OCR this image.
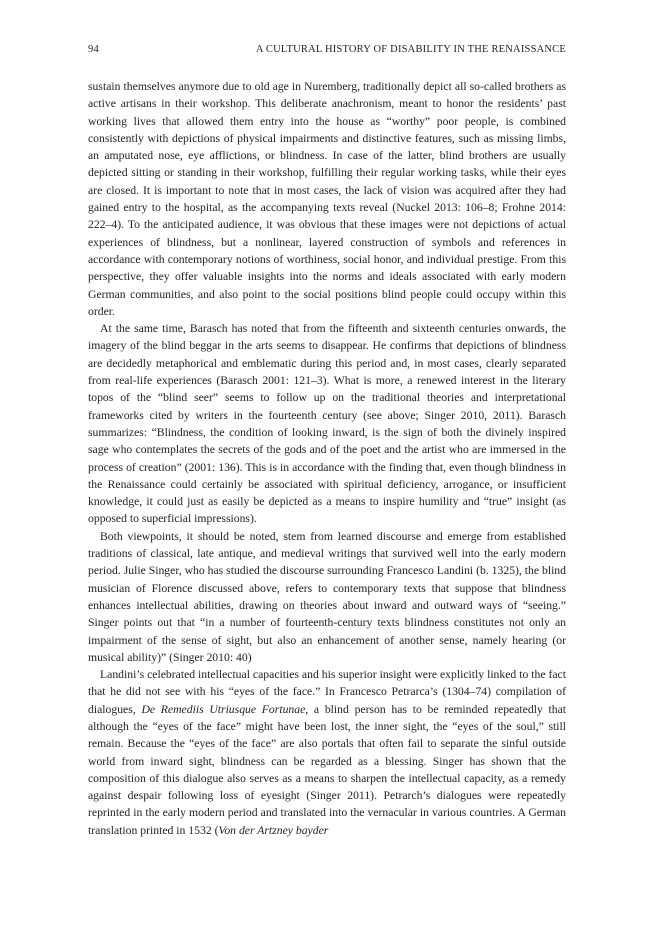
94	A CULTURAL HISTORY OF DISABILITY IN THE RENAISSANCE

sustain themselves anymore due to old age in Nuremberg, traditionally depict all so-called brothers as active artisans in their workshop. This deliberate anachronism, meant to honor the residents’ past working lives that allowed them entry into the house as “worthy” poor people, is combined consistently with depictions of physical impairments and distinctive features, such as missing limbs, an amputated nose, eye afflictions, or blindness. In case of the latter, blind brothers are usually depicted sitting or standing in their workshop, fulfilling their regular working tasks, while their eyes are closed. It is important to note that in most cases, the lack of vision was acquired after they had gained entry to the hospital, as the accompanying texts reveal (Nuckel 2013: 106–8; Frohne 2014: 222–4). To the anticipated audience, it was obvious that these images were not depictions of actual experiences of blindness, but a nonlinear, layered construction of symbols and references in accordance with contemporary notions of worthiness, social honor, and individual prestige. From this perspective, they offer valuable insights into the norms and ideals associated with early modern German communities, and also point to the social positions blind people could occupy within this order.

At the same time, Barasch has noted that from the fifteenth and sixteenth centuries onwards, the imagery of the blind beggar in the arts seems to disappear. He confirms that depictions of blindness are decidedly metaphorical and emblematic during this period and, in most cases, clearly separated from real-life experiences (Barasch 2001: 121–3). What is more, a renewed interest in the literary topos of the “blind seer” seems to follow up on the traditional theories and interpretational frameworks cited by writers in the fourteenth century (see above; Singer 2010, 2011). Barasch summarizes: “Blindness, the condition of looking inward, is the sign of both the divinely inspired sage who contemplates the secrets of the gods and of the poet and the artist who are immersed in the process of creation” (2001: 136). This is in accordance with the finding that, even though blindness in the Renaissance could certainly be associated with spiritual deficiency, arrogance, or insufficient knowledge, it could just as easily be depicted as a means to inspire humility and “true” insight (as opposed to superficial impressions).

Both viewpoints, it should be noted, stem from learned discourse and emerge from established traditions of classical, late antique, and medieval writings that survived well into the early modern period. Julie Singer, who has studied the discourse surrounding Francesco Landini (b. 1325), the blind musician of Florence discussed above, refers to contemporary texts that suppose that blindness enhances intellectual abilities, drawing on theories about inward and outward ways of “seeing.” Singer points out that “in a number of fourteenth-century texts blindness constitutes not only an impairment of the sense of sight, but also an enhancement of another sense, namely hearing (or musical ability)” (Singer 2010: 40)

Landini’s celebrated intellectual capacities and his superior insight were explicitly linked to the fact that he did not see with his “eyes of the face.” In Francesco Petrarca’s (1304–74) compilation of dialogues, De Remediis Utriusque Fortunae, a blind person has to be reminded repeatedly that although the “eyes of the face” might have been lost, the inner sight, the “eyes of the soul,” still remain. Because the “eyes of the face” are also portals that often fail to separate the sinful outside world from inward sight, blindness can be regarded as a blessing. Singer has shown that the composition of this dialogue also serves as a means to sharpen the intellectual capacity, as a remedy against despair following loss of eyesight (Singer 2011). Petrarch’s dialogues were repeatedly reprinted in the early modern period and translated into the vernacular in various countries. A German translation printed in 1532 (Von der Artzney bayder
